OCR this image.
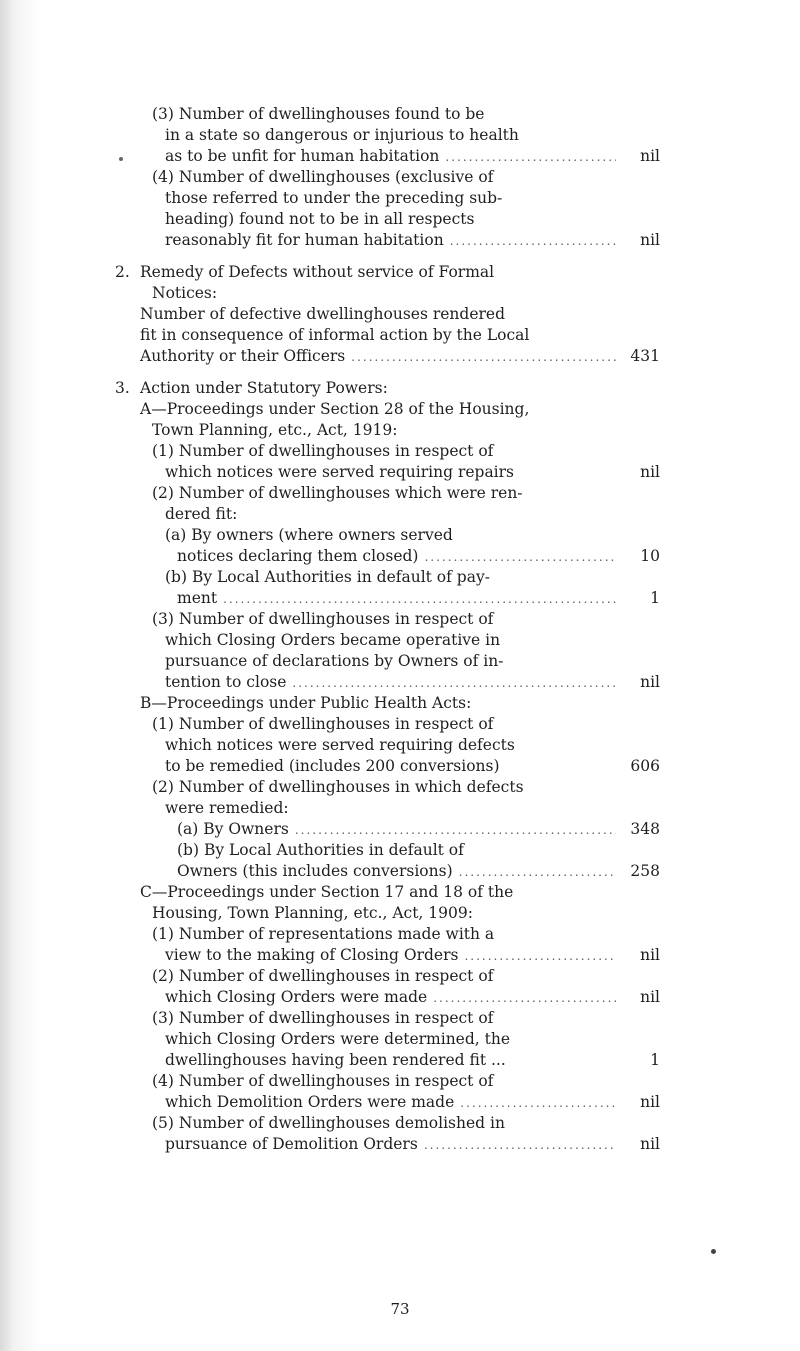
(3) Number of dwellinghouses found to be
in a state so dangerous or injurious to health
as to be unfit for human habitation .....	nil
(4) Number of dwellinghouses (exclusive of
those referred to under the preceding sub-
heading) found not to be in all respects
reasonably fit for human habitation .....	nil
2. Remedy of Defects without service of Formal
Notices:
Number of defective dwellinghouses rendered
fit in consequence of informal action by the Local
Authority or their Officers .....	431
3. Action under Statutory Powers:
A—Proceedings under Section 28 of the Housing,
Town Planning, etc., Act, 1919:
(1) Number of dwellinghouses in respect of
which notices were served requiring repairs	nil
(2) Number of dwellinghouses which were ren-
dered fit:
(a) By owners (where owners served
notices declaring them closed) .....	10
(b) By Local Authorities in default of pay-
ment .....	1
(3) Number of dwellinghouses in respect of
which Closing Orders became operative in
pursuance of declarations by Owners of in-
tention to close .....	nil
B—Proceedings under Public Health Acts:
(1) Number of dwellinghouses in respect of
which notices were served requiring defects
to be remedied (includes 200 conversions)	606
(2) Number of dwellinghouses in which defects
were remedied:
(a) By Owners .....	348
(b) By Local Authorities in default of
Owners (this includes conversions) .....	258
C—Proceedings under Section 17 and 18 of the
Housing, Town Planning, etc., Act, 1909:
(1) Number of representations made with a
view to the making of Closing Orders .....	nil
(2) Number of dwellinghouses in respect of
which Closing Orders were made .....	nil
(3) Number of dwellinghouses in respect of
which Closing Orders were determined, the
dwellinghouses having been rendered fit ...	1
(4) Number of dwellinghouses in respect of
which Demolition Orders were made .....	nil
(5) Number of dwellinghouses demolished in
pursuance of Demolition Orders .....	nil
73
